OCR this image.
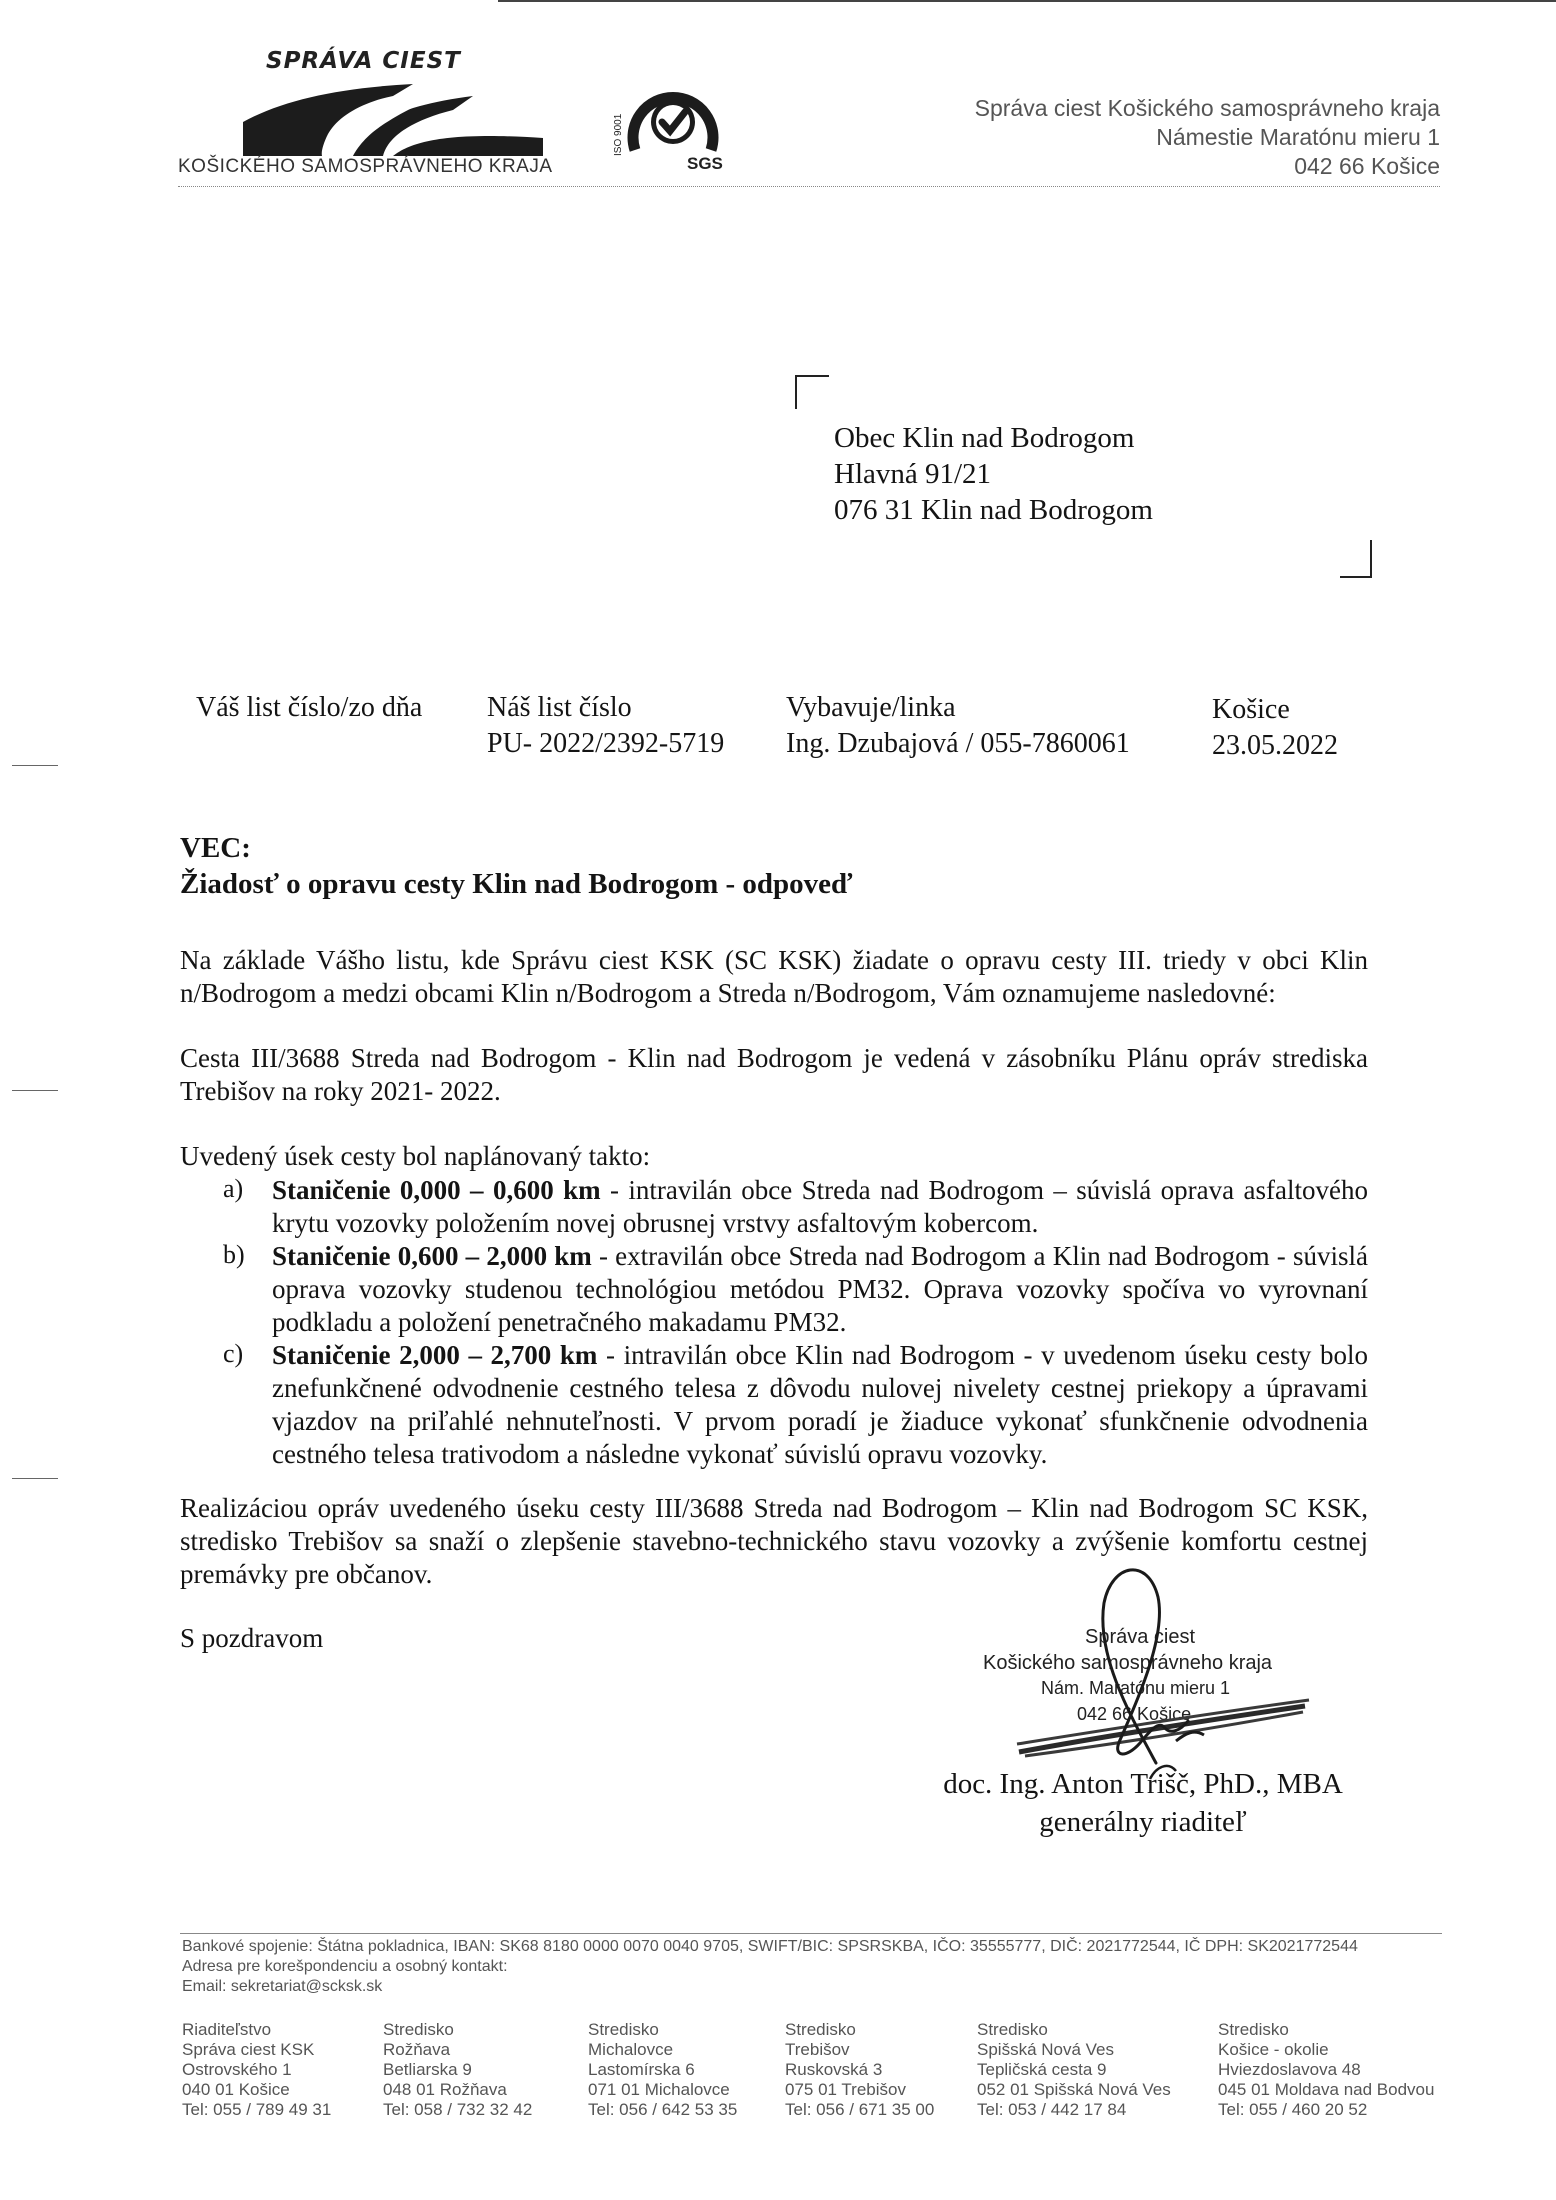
SPRÁVA CIEST
KOŠICKÉHO SAMOSPRÁVNEHO KRAJA
ISO 9001
SGS
Správa ciest Košického samosprávneho kraja
Námestie Maratónu mieru 1
042 66 Košice
Obec Klin nad Bodrogom
Hlavná 91/21
076 31 Klin nad Bodrogom
Váš list číslo/zo dňa Náš list číslo
PU- 2022/2392-5719
Vybavuje/linka
Ing. Dzubajová / 055-7860061
Košice
23.05.2022
VEC:
Žiadosť o opravu cesty Klin nad Bodrogom - odpoveď
Na základe Vášho listu, kde Správu ciest KSK (SC KSK) žiadate o opravu cesty III. triedy v obci Klin n/Bodrogom a medzi obcami Klin n/Bodrogom a Streda n/Bodrogom, Vám oznamujeme nasledovné:
Cesta III/3688 Streda nad Bodrogom - Klin nad Bodrogom je vedená v zásobníku Plánu opráv strediska Trebišov na roky 2021- 2022.
Uvedený úsek cesty bol naplánovaný takto:
a) Staničenie 0,000 – 0,600 km - intravilán obce Streda nad Bodrogom – súvislá oprava asfaltového krytu vozovky položením novej obrusnej vrstvy asfaltovým kobercom.
b) Staničenie 0,600 – 2,000 km - extravilán obce Streda nad Bodrogom a Klin nad Bodrogom - súvislá oprava vozovky studenou technológiou metódou PM32. Oprava vozovky spočíva vo vyrovnaní podkladu a položení penetračného makadamu PM32.
c) Staničenie 2,000 – 2,700 km - intravilán obce Klin nad Bodrogom - v uvedenom úseku cesty bolo znefunkčnené odvodnenie cestného telesa z dôvodu nulovej nivelety cestnej priekopy a úpravami vjazdov na priľahlé nehnuteľnosti. V prvom poradí je žiaduce vykonať sfunkčnenie odvodnenia cestného telesa trativodom a následne vykonať súvislú opravu vozovky.
Realizáciou opráv uvedeného úseku cesty III/3688 Streda nad Bodrogom – Klin nad Bodrogom SC KSK, stredisko Trebišov sa snaží o zlepšenie stavebno-technického stavu vozovky a zvýšenie komfortu cestnej premávky pre občanov.
S pozdravom	Správa ciest
Košického samosprávneho kraja
Nám. Maratónu mieru 1
042 66 Košice
doc. Ing. Anton Trišč, PhD., MBA
generálny riaditeľ
Bankové spojenie: Štátna pokladnica, IBAN: SK68 8180 0000 0070 0040 9705, SWIFT/BIC: SPSRSKBA, IČO: 35555777, DIČ: 2021772544, IČ DPH: SK2021772544
Adresa pre korešpondenciu a osobný kontakt:
Email: sekretariat@scksk.sk
Riaditeľstvo
Správa ciest KSK
Ostrovského 1
040 01 Košice
Tel: 055 / 789 49 31
Stredisko
Rožňava
Betliarska 9
048 01 Rožňava
Tel: 058 / 732 32 42
Stredisko
Michalovce
Lastomírska 6
071 01 Michalovce
Tel: 056 / 642 53 35
Stredisko
Trebišov
Ruskovská 3
075 01 Trebišov
Tel: 056 / 671 35 00
Stredisko
Spišská Nová Ves
Tepličská cesta 9
052 01 Spišská Nová Ves
Tel: 053 / 442 17 84
Stredisko
Košice - okolie
Hviezdoslavova 48
045 01 Moldava nad Bodvou
Tel: 055 / 460 20 52
